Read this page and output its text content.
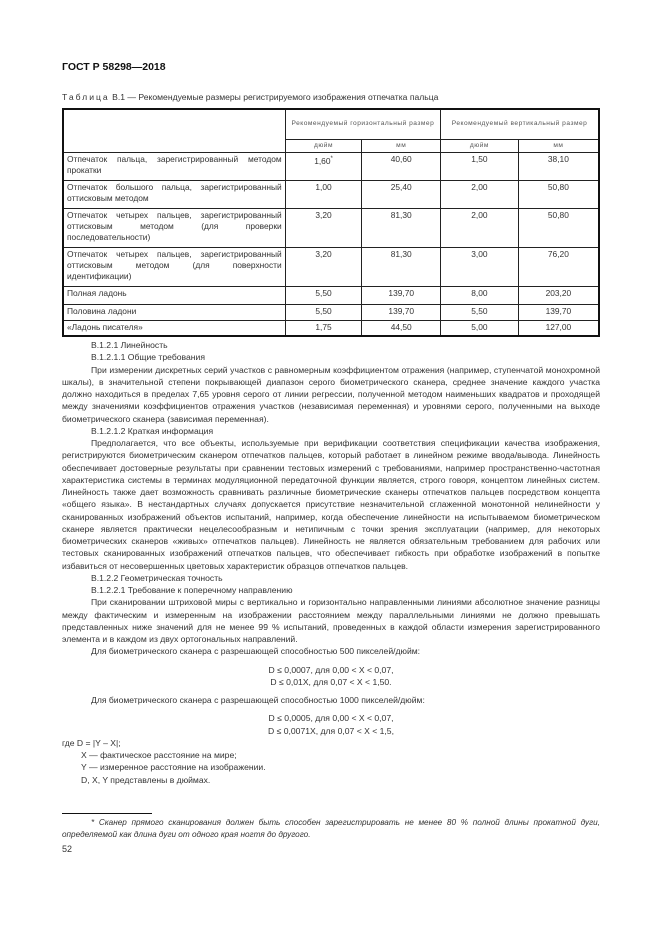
ГОСТ Р 58298—2018
Таблица В.1 — Рекомендуемые размеры регистрируемого изображения отпечатка пальца
	Рекомендуемый горизонтальный размер		Рекомендуемый вертикальный размер	
	дюйм	мм	дюйм	мм
Отпечаток пальца, зарегистрированный методом прокатки	1,60*	40,60	1,50	38,10
Отпечаток большого пальца, зарегистрированный оттисковым методом	1,00	25,40	2,00	50,80
Отпечаток четырех пальцев, зарегистрированный оттисковым методом (для проверки последовательности)	3,20	81,30	2,00	50,80
Отпечаток четырех пальцев, зарегистрированный оттисковым методом (для поверхности идентификации)	3,20	81,30	3,00	76,20
Полная ладонь	5,50	139,70	8,00	203,20
Половина ладони	5,50	139,70	5,50	139,70
«Ладонь писателя»	1,75	44,50	5,00	127,00

В.1.2.1 Линейность

В.1.2.1.1 Общие требования

При измерении дискретных серий участков с равномерным коэффициентом отражения (например, ступенчатой монохромной шкалы), в значительной степени покрывающей диапазон серого биометрического сканера, среднее значение каждого участка должно находиться в пределах 7,65 уровня серого от линии регрессии, полученной методом наименьших квадратов и проходящей между значениями коэффициентов отражения участков (независимая переменная) и уровнями серого, полученными на выходе биометрического сканера (зависимая переменная).

В.1.2.1.2 Краткая информация

Предполагается, что все объекты, используемые при верификации соответствия спецификации качества изображения, регистрируются биометрическим сканером отпечатков пальцев, который работает в линейном режиме ввода/вывода. Линейность обеспечивает достоверные результаты при сравнении тестовых измерений с требованиями, например пространственно-частотная характеристика системы в терминах модуляционной передаточной функции является, строго говоря, концептом линейных систем. Линейность также дает возможность сравнивать различные биометрические сканеры отпечатков пальцев посредством концепта «общего языка». В нестандартных случаях допускается присутствие незначительной сглаженной монотонной нелинейности у сканированных изображений объектов испытаний, например, когда обеспечение линейности на испытываемом биометрическом сканере является практически нецелесообразным и нетипичным с точки зрения эксплуатации (например, для некоторых биометрических сканеров «живых» отпечатков пальцев). Линейность не является обязательным требованием для рабочих или тестовых сканированных изображений отпечатков пальцев, что обеспечивает гибкость при обработке изображений в попытке избавиться от несовершенных цветовых характеристик образцов отпечатков пальцев.

В.1.2.2 Геометрическая точность

В.1.2.2.1 Требование к поперечному направлению

При сканировании штриховой миры с вертикально и горизонтально направленными линиями абсолютное значение разницы между фактическим и измеренным на изображении расстоянием между параллельными линиями не должно превышать представленных ниже значений для не менее 99 % испытаний, проведенных в каждой области измерения зарегистрированного элемента и в каждом из двух ортогональных направлений.

Для биометрического сканера с разрешающей способностью 500 пикселей/дюйм:

D ≤ 0,0007, для 0,00 < X < 0,07,

D ≤ 0,01X, для 0,07 < X < 1,50.

Для биометрического сканера с разрешающей способностью 1000 пикселей/дюйм:

D ≤ 0,0005, для 0,00 < X < 0,07,

D ≤ 0,0071X, для 0,07 < X < 1,5,

где D = |Y – X|;

X — фактическое расстояние на мире;

Y — измеренное расстояние на изображении.

D, X, Y представлены в дюймах.

* Сканер прямого сканирования должен быть способен зарегистрировать не менее 80 % полной длины прокатной дуги, определяемой как длина дуги от одного края ногтя до другого.
52
